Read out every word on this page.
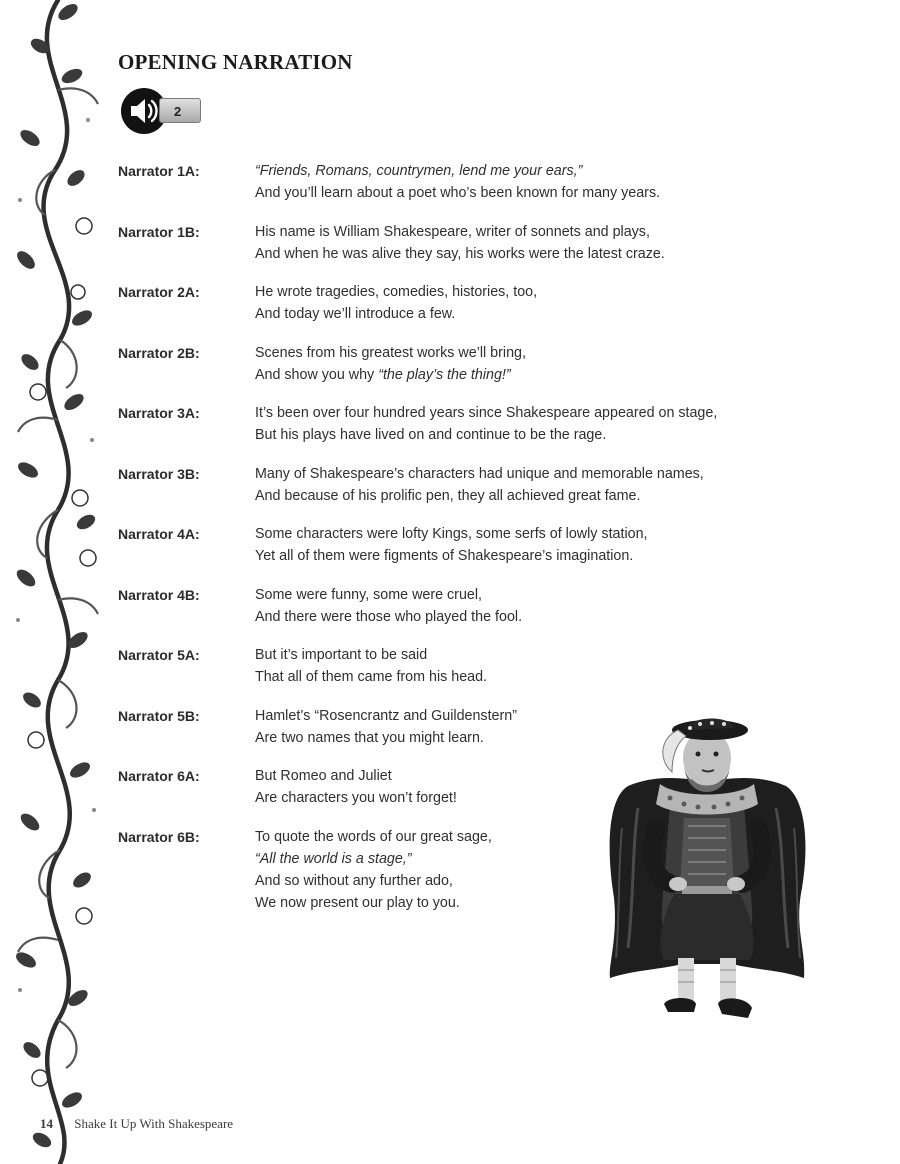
OPENING NARRATION
2
Narrator 1A:	“Friends, Romans, countrymen, lend me your ears,”
And you’ll learn about a poet who’s been known for many years.
Narrator 1B:	His name is William Shakespeare, writer of sonnets and plays,
And when he was alive they say, his works were the latest craze.
Narrator 2A:	He wrote tragedies, comedies, histories, too,
And today we’ll introduce a few.
Narrator 2B:	Scenes from his greatest works we’ll bring,
And show you why “the play’s the thing!”
Narrator 3A:	It’s been over four hundred years since Shakespeare appeared on stage,
But his plays have lived on and continue to be the rage.
Narrator 3B:	Many of Shakespeare’s characters had unique and memorable names,
And because of his prolific pen, they all achieved great fame.
Narrator 4A:	Some characters were lofty Kings, some serfs of lowly station,
Yet all of them were figments of Shakespeare’s imagination.
Narrator 4B:	Some were funny, some were cruel,
And there were those who played the fool.
Narrator 5A:	But it’s important to be said
That all of them came from his head.
Narrator 5B:	Hamlet’s “Rosencrantz and Guildenstern”
Are two names that you might learn.
Narrator 6A:	But Romeo and Juliet
Are characters you won’t forget!
Narrator 6B:	To quote the words of our great sage,
“All the world is a stage,”
And so without any further ado,
We now present our play to you.
14 Shake It Up With Shakespeare
